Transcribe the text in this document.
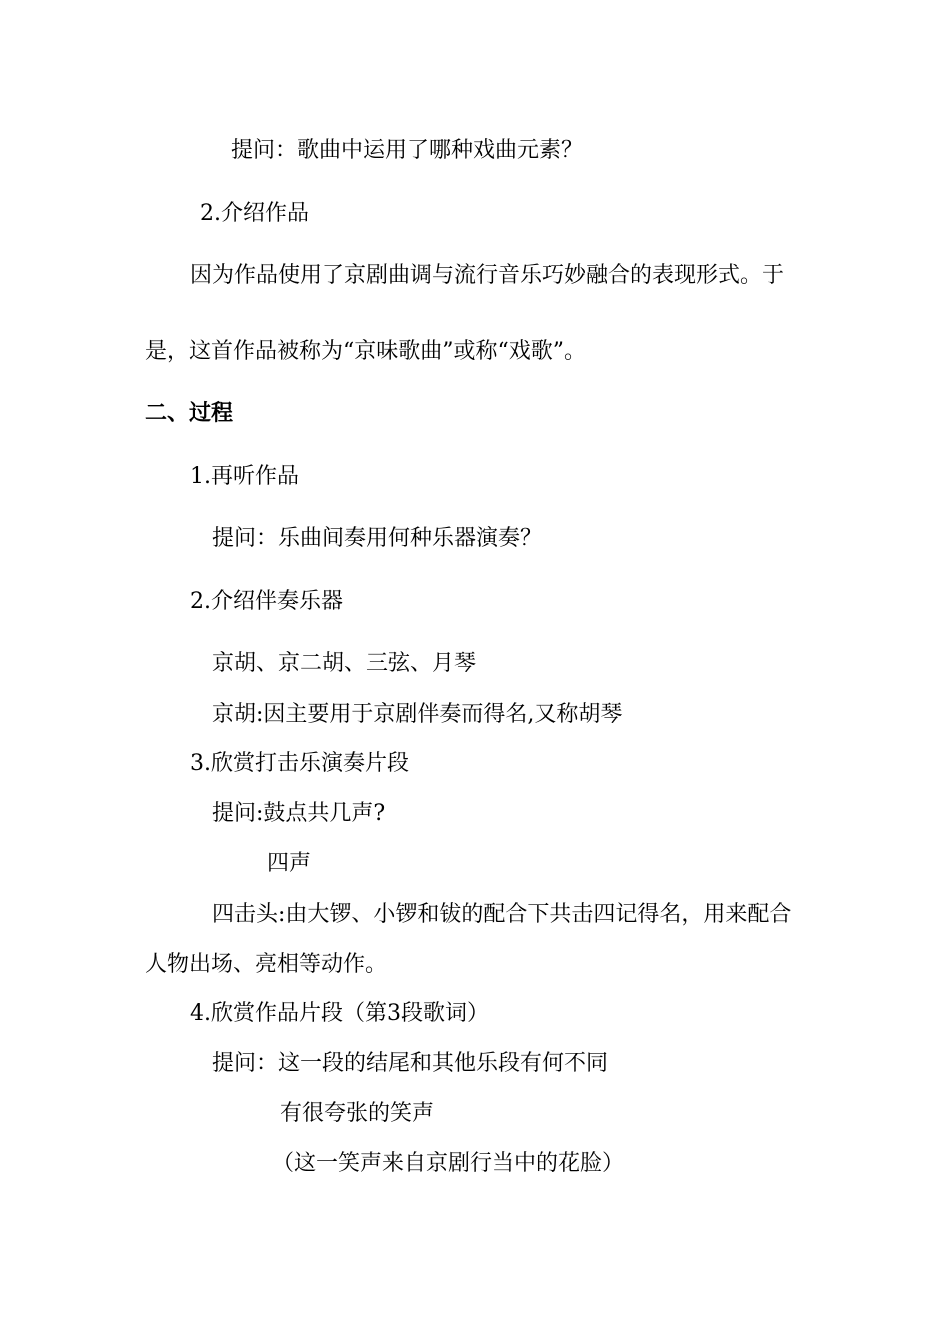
提问：歌曲中运用了哪种戏曲元素？
2.介绍作品
因为作品使用了京剧曲调与流行音乐巧妙融合的表现形式。于
是，这首作品被称为“京味歌曲”或称“戏歌”。
二、过程
1.再听作品
提问：乐曲间奏用何种乐器演奏？
2.介绍伴奏乐器
京胡、京二胡、三弦、月琴
京胡:因主要用于京剧伴奏而得名,又称胡琴
3.欣赏打击乐演奏片段
提问:鼓点共几声?
四声
四击头:由大锣、小锣和钹的配合下共击四记得名，用来配合
人物出场、亮相等动作。
4.欣赏作品片段（第3段歌词）
提问：这一段的结尾和其他乐段有何不同
有很夸张的笑声
（这一笑声来自京剧行当中的花脸）
